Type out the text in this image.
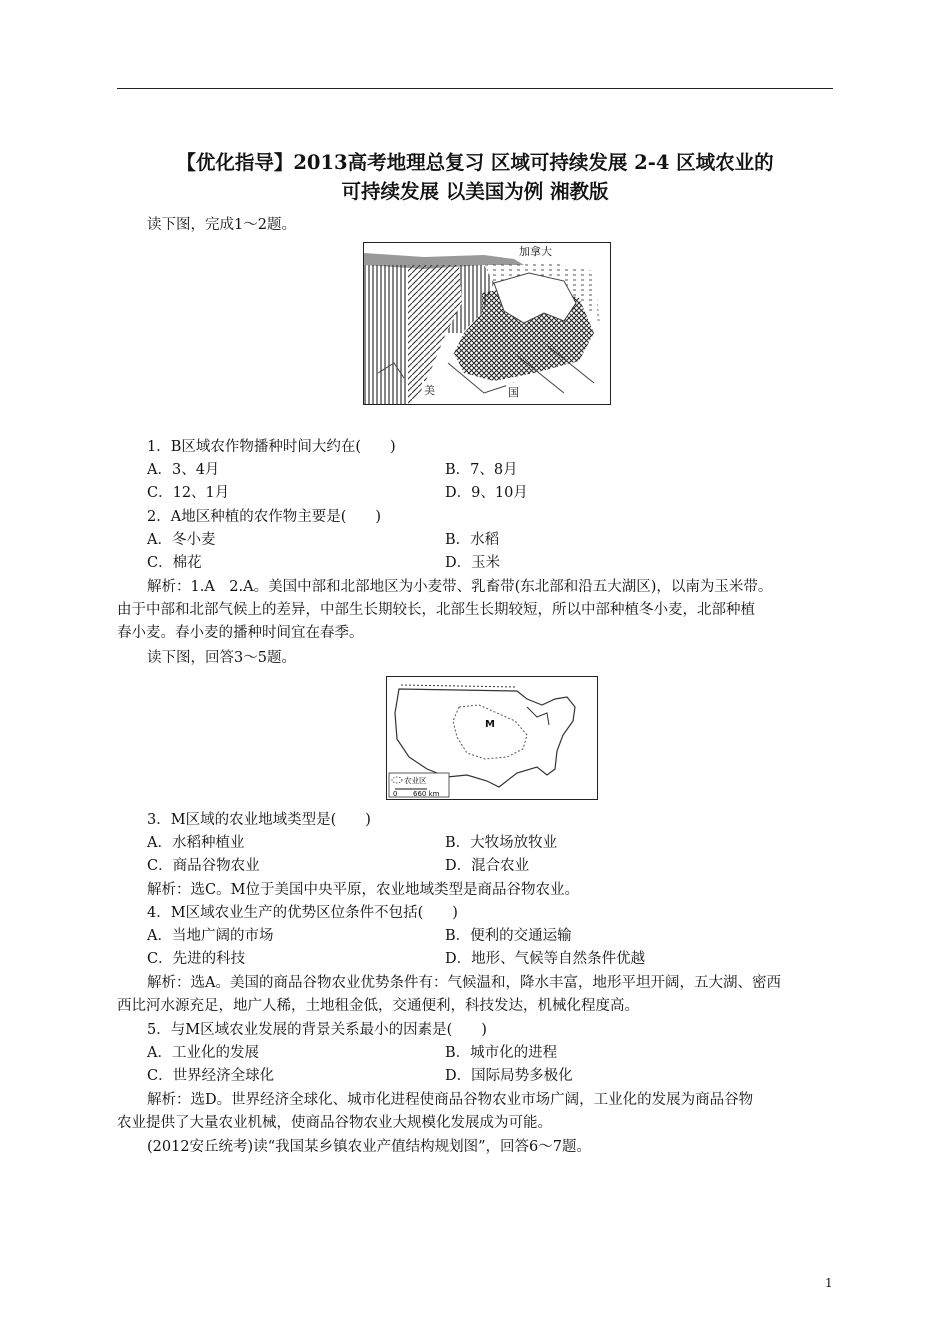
【优化指导】2013高考地理总复习 区域可持续发展 2-4 区域农业的
可持续发展 以美国为例 湘教版
读下图，完成1～2题。
加拿大
美	国
1．B区域农作物播种时间大约在(　　)
A．3、4月	B．7、8月
C．12、1月	D．9、10月
2．A地区种植的农作物主要是(　　)
A．冬小麦	B．水稻
C．棉花	D．玉米
解析：1.A　2.A。美国中部和北部地区为小麦带、乳畜带(东北部和沿五大湖区)，以南为玉米带。
由于中部和北部气候上的差异，中部生长期较长，北部生长期较短，所以中部种植冬小麦，北部种植
春小麦。春小麦的播种时间宜在春季。
读下图，回答3～5题。
M
农业区
0 660 km
3．M区域的农业地域类型是(　　)
A．水稻种植业	B．大牧场放牧业
C．商品谷物农业	D．混合农业
解析：选C。M位于美国中央平原，农业地域类型是商品谷物农业。
4．M区域农业生产的优势区位条件不包括(　　)
A．当地广阔的市场	B．便利的交通运输
C．先进的科技	D．地形、气候等自然条件优越
解析：选A。美国的商品谷物农业优势条件有：气候温和，降水丰富，地形平坦开阔，五大湖、密西
西比河水源充足，地广人稀，土地租金低，交通便利，科技发达，机械化程度高。
5．与M区域农业发展的背景关系最小的因素是(　　)
A．工业化的发展	B．城市化的进程
C．世界经济全球化	D．国际局势多极化
解析：选D。世界经济全球化、城市化进程使商品谷物农业市场广阔，工业化的发展为商品谷物
农业提供了大量农业机械，使商品谷物农业大规模化发展成为可能。
(2012安丘统考)读“我国某乡镇农业产值结构规划图”，回答6～7题。
1
